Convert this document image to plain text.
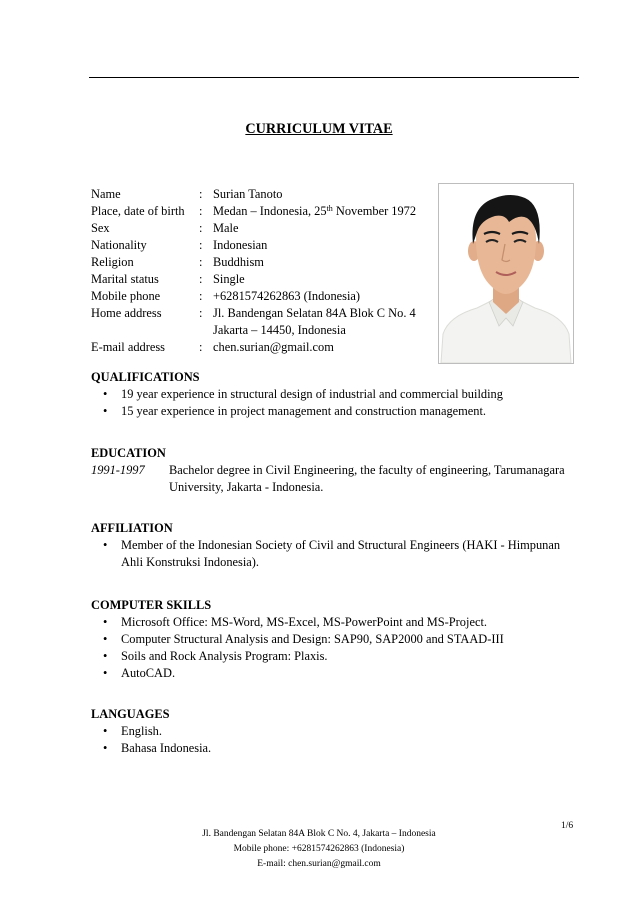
CURRICULUM VITAE
Name	: Surian Tanoto
Place, date of birth : Medan – Indonesia, 25th November 1972
Sex	: Male
Nationality	: Indonesian
Religion	: Buddhism
Marital status	: Single
Mobile phone	: +6281574262863 (Indonesia)
Home address	: Jl. Bandengan Selatan 84A Blok C No. 4
Jakarta – 14450, Indonesia
E-mail address	: chen.surian@gmail.com
QUALIFICATIONS
• 19 year experience in structural design of industrial and commercial building
• 15 year experience in project management and construction management.
EDUCATION
1991-1997 Bachelor degree in Civil Engineering, the faculty of engineering, Tarumanagara University, Jakarta - Indonesia.
AFFILIATION
• Member of the Indonesian Society of Civil and Structural Engineers (HAKI - Himpunan Ahli Konstruksi Indonesia).
COMPUTER SKILLS
• Microsoft Office: MS-Word, MS-Excel, MS-PowerPoint and MS-Project.
• Computer Structural Analysis and Design: SAP90, SAP2000 and STAAD-III
• Soils and Rock Analysis Program: Plaxis.
• AutoCAD.
LANGUAGES
• English.
• Bahasa Indonesia.
1/6
Jl. Bandengan Selatan 84A Blok C No. 4, Jakarta – Indonesia
Mobile phone: +6281574262863 (Indonesia)
E-mail: chen.surian@gmail.com
